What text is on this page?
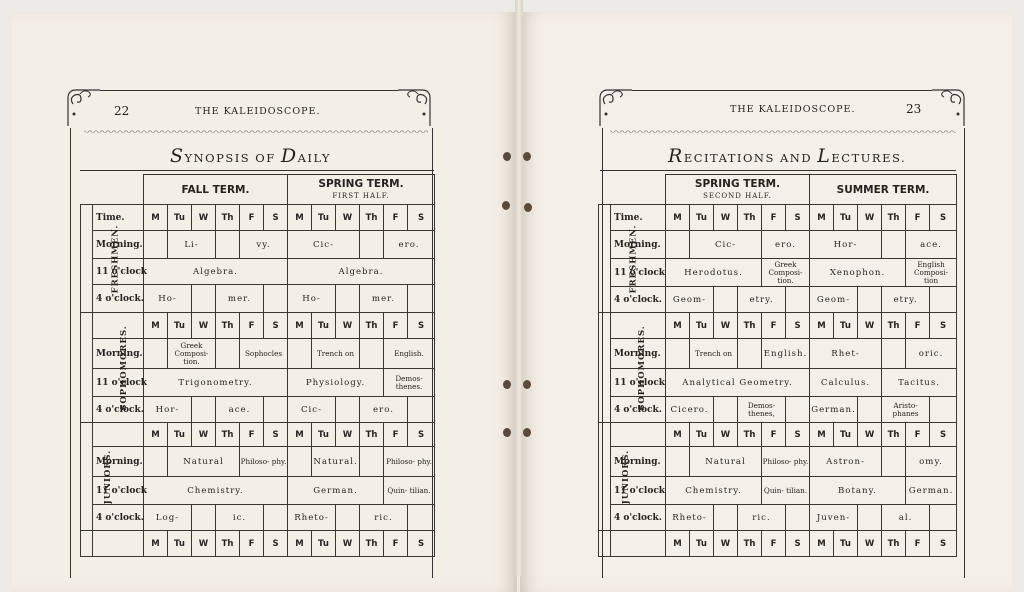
22	THE KALEIDOSCOPE.
SYNOPSIS OF DAILY
		FALL TERM.						SPRING TERM.
FIRST HALF.					

FRESHMEN.	Time.	M	Tu	W	Th	F	S	M	Tu	W	Th	F	S
	Morning.		Li-			vy.		Cic-				ero.	
	11 o'clock	Algebra.						Algebra.					
	4 o'clock.	Ho-			mer.			Ho-			mer.		
SOPHOMORES.		M	Tu	W	Th	F	S	M	Tu	W	Th	F	S
	Morning.		Greek Composi- tion.			Sophocles			Trench on			English.	
	11 o'clock	Trigonometry.						Physiology.				Demos- thenes.	
	4 o'clock.	Hor-			ace.			Cic-			ero.		
JUNIORS.		M	Tu	W	Th	F	S	M	Tu	W	Th	F	S
	Morning.		Natural			Philoso- phy.			Natural.			Philoso- phy.	
	11 o'clock	Chemistry.						German.				Quin- tilian.	
	4 o'clock.	Log-			ic.			Rheto-			ric.		
		M	Tu	W	Th	F	S	M	Tu	W	Th	F	S
THE KALEIDOSCOPE.	23
RECITATIONS AND LECTURES.

		SPRING TERM.
SECOND HALF.						SUMMER TERM.					
FRESHMEN.	Time.	M	Tu	W	Th	F	S	M	Tu	W	Th	F	S
	Morning.		Cic-			ero.		Hor-				ace.	
	11 o'clock	Herodotus.				Greek Composi- tion.		Xenophon.				English Composi- tion	
	4 o'clock.	Geom-			etry.			Geom-			etry.		
SOPHOMORES.		M	Tu	W	Th	F	S	M	Tu	W	Th	F	S
	Morning.		Trench on			English.		Rhet-				oric.	
	11 o'clock	Analytical Geometry.						Calculus.			Tacitus.		
	4 o'clock.	Cicero.			Demos- thenes,			German.			Aristo- phanes		
JUNIORS.		M	Tu	W	Th	F	S	M	Tu	W	Th	F	S
	Morning.		Natural			Philoso- phy.		Astron-				omy.	
	11 o'clock	Chemistry.				Quin- tilian.		Botany.				German.	
	4 o'clock.	Rheto-			ric.			Juven-			al.		
		M	Tu	W	Th	F	S	M	Tu	W	Th	F	S
